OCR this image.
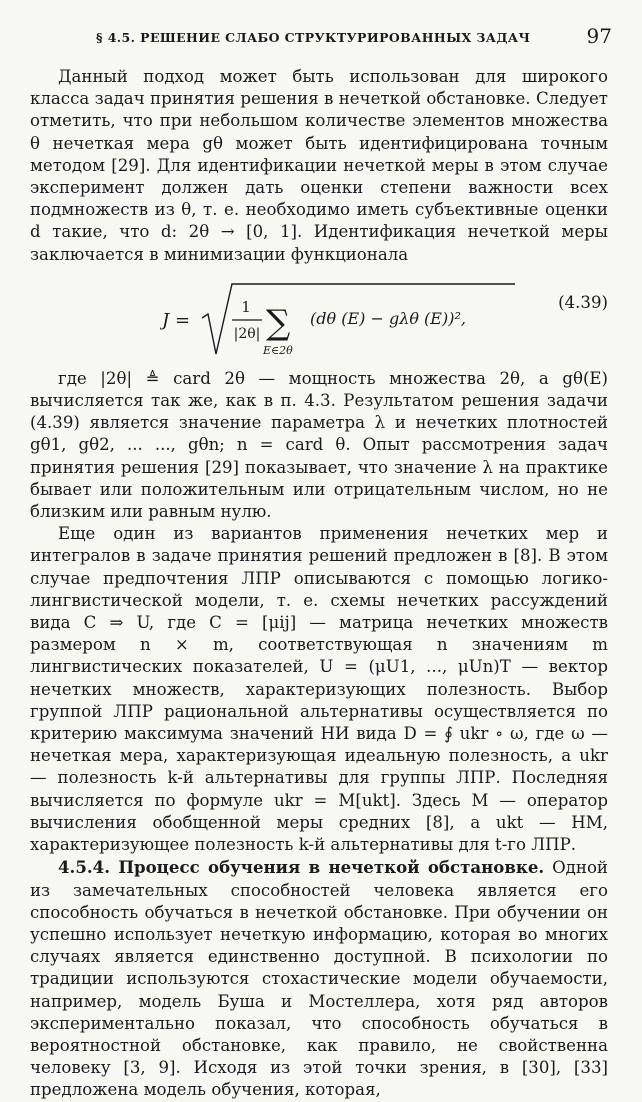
§ 4.5. РЕШЕНИЕ СЛАБО СТРУКТУРИРОВАННЫХ ЗАДАЧ	97

Данный подход может быть использован для широкого класса задач принятия решения в нечеткой обстановке. Следует отметить, что при небольшом количестве элементов множества θ нечеткая мера gθ может быть идентифицирована точным методом [29]. Для идентификации нечеткой меры в этом случае эксперимент должен дать оценки степени важности всех подмножеств из θ, т. е. необходимо иметь субъективные оценки d такие, что d: 2θ → [0, 1]. Идентификация нечеткой меры заключается в минимизации функционала

J =
1
|2θ| ∑
E∈2θ
(dθ (E) − gλθ (E))²,
(4.39)

где |2θ| ≜ card 2θ — мощность множества 2θ, а gθ(E) вычисляется так же, как в п. 4.3. Результатом решения задачи (4.39) является значение параметра λ и нечетких плотностей gθ1, gθ2, ... ..., gθn; n = card θ. Опыт рассмотрения задач принятия решения [29] показывает, что значение λ на практике бывает или положительным или отрицательным числом, но не близким или равным нулю.

Еще один из вариантов применения нечетких мер и интегралов в задаче принятия решений предложен в [8]. В этом случае предпочтения ЛПР описываются с помощью логико-лингвистической модели, т. е. схемы нечетких рассуждений вида C ⇒ U, где C = [μij] — матрица нечетких множеств размером n × m, соответствующая n значениям m лингвистических показателей, U = (μU1, ..., μUn)T — вектор нечетких множеств, характеризующих полезность. Выбор группой ЛПР рациональной альтернативы осуществляется по критерию максимума значений НИ вида D = ∮ ukr ∘ ω, где ω — нечеткая мера, характеризующая идеальную полезность, а ukr — полезность k-й альтернативы для группы ЛПР. Последняя вычисляется по формуле ukr = M[ukt]. Здесь M — оператор вычисления обобщенной меры средних [8], а ukt — НМ, характеризующее полезность k-й альтернативы для t-го ЛПР.

4.5.4. Процесс обучения в нечеткой обстановке. Одной из замечательных способностей человека является его способность обучаться в нечеткой обстановке. При обучении он успешно использует нечеткую информацию, которая во многих случаях является единственно доступной. В психологии по традиции используются стохастические модели обучаемости, например, модель Буша и Мостеллера, хотя ряд авторов экспериментально показал, что способность обучаться в вероятностной обстановке, как правило, не свойственна человеку [3, 9]. Исходя из этой точки зрения, в [30], [33] предложена модель обучения, которая,
